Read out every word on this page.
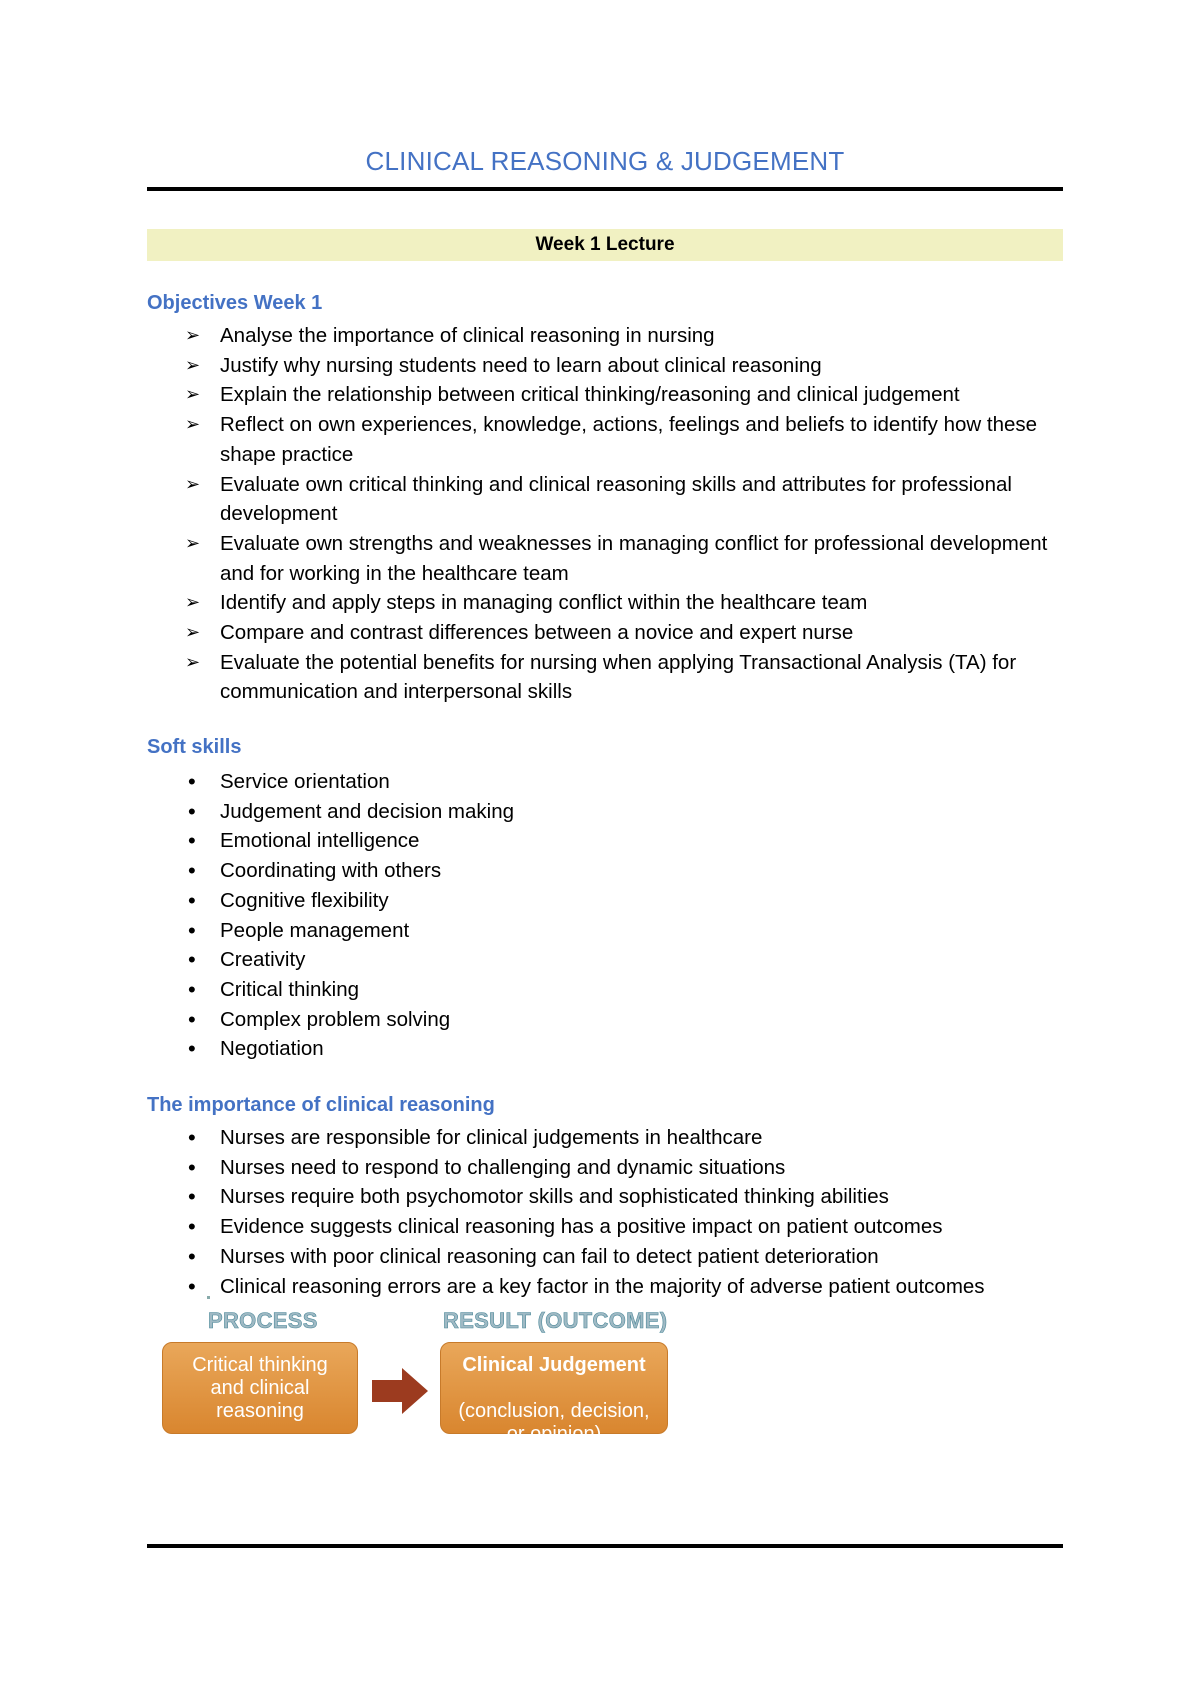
CLINICAL REASONING & JUDGEMENT
Week 1 Lecture
Objectives Week 1
➢ Analyse the importance of clinical reasoning in nursing
➢ Justify why nursing students need to learn about clinical reasoning
➢ Explain the relationship between critical thinking/reasoning and clinical judgement
➢ Reflect on own experiences, knowledge, actions, feelings and beliefs to identify how these shape practice
➢ Evaluate own critical thinking and clinical reasoning skills and attributes for professional development
➢ Evaluate own strengths and weaknesses in managing conflict for professional development and for working in the healthcare team
➢ Identify and apply steps in managing conflict within the healthcare team
➢ Compare and contrast differences between a novice and expert nurse
➢ Evaluate the potential benefits for nursing when applying Transactional Analysis (TA) for communication and interpersonal skills
Soft skills
• Service orientation
• Judgement and decision making
• Emotional intelligence
• Coordinating with others
• Cognitive flexibility
• People management
• Creativity
• Critical thinking
• Complex problem solving
• Negotiation
The importance of clinical reasoning
• Nurses are responsible for clinical judgements in healthcare
• Nurses need to respond to challenging and dynamic situations
• Nurses require both psychomotor skills and sophisticated thinking abilities
• Evidence suggests clinical reasoning has a positive impact on patient outcomes
• Nurses with poor clinical reasoning can fail to detect patient deterioration
• Clinical reasoning errors are a key factor in the majority of adverse patient outcomes
PROCESS	RESULT (OUTCOME)
Critical thinking
and clinical
reasoning

Clinical Judgement

(conclusion, decision,
or opinion)
